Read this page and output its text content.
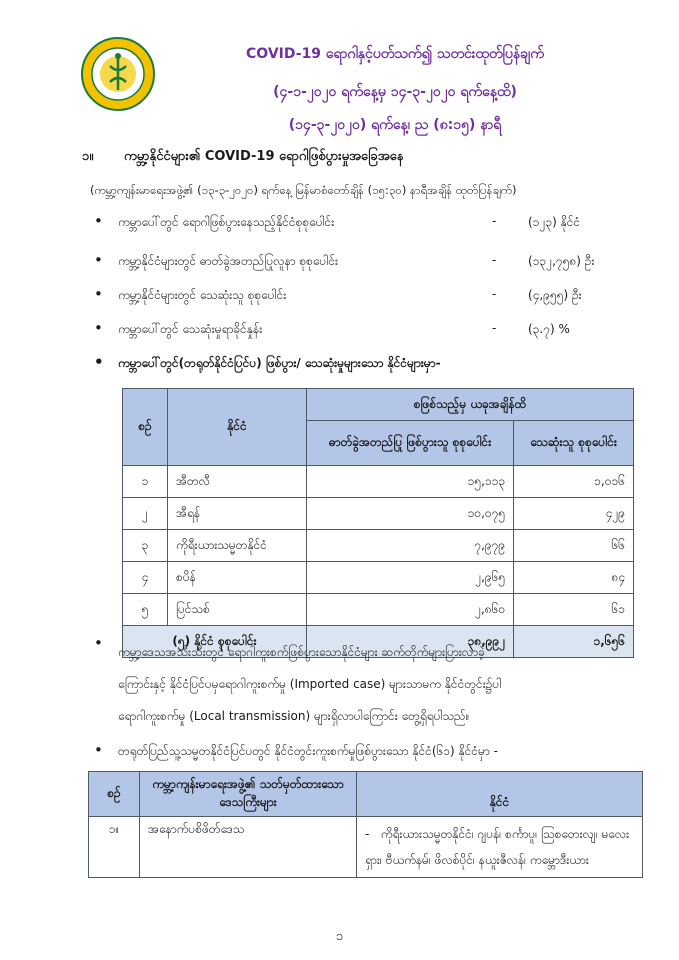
COVID-19 ရောဂါနှင့်ပတ်သက်၍ သတင်းထုတ်ပြန်ချက်
(၄-၁-၂၀၂၀ ရက်နေ့မှ ၁၄-၃-၂၀၂၀ ရက်နေ့ထိ)
(၁၄-၃-၂၀၂၀) ရက်နေ့၊ ည (၈:၁၅) နာရီ
၁။ ကမ္ဘာ့နိုင်ငံများ၏ COVID-19 ရောဂါဖြစ်ပွားမှုအခြေအနေ
(ကမ္ဘာ့ကျန်းမာရေးအဖွဲ့၏ (၁၃-၃-၂၀၂၀) ရက်နေ့ မြန်မာစံတော်ချိန် (၁၅:၃၀) နာရီအချိန် ထုတ်ပြန်ချက်)
• ကမ္ဘာပေါ်တွင် ရောဂါဖြစ်ပွားနေသည့်နိုင်ငံစုစုပေါင်း	-	(၁၂၃) နိုင်ငံ
• ကမ္ဘာ့နိုင်ငံများတွင် ဓာတ်ခွဲအတည်ပြုလူနာ စုစုပေါင်း	-	(၁၃၂,၇၅၈) ဦး
• ကမ္ဘာ့နိုင်ငံများတွင် သေဆုံးသူ စုစုပေါင်း	-	(၄,၉၅၅) ဦး
• ကမ္ဘာပေါ်တွင် သေဆုံးမှုရာခိုင်နှုန်း	-	(၃.၇) %
• ကမ္ဘာပေါ်တွင်(တရုတ်နိုင်ငံပြင်ပ) ဖြစ်ပွား/ သေဆုံးမှုများသော နိုင်ငံများမှာ-
စဉ်	နိုင်ငံ	စဖြစ်သည့်မှ ယခုအချိန်ထိ	
		ဓာတ်ခွဲအတည်ပြု ဖြစ်ပွားသူ စုစုပေါင်း	သေဆုံးသူ စုစုပေါင်း
၁	အီတလီ	၁၅,၁၁၃	၁,၀၁၆
၂	အီရန်	၁၀,၀၇၅	၄၂၉
၃	ကိုရီးယားသမ္မတနိုင်ငံ	၇,၉၇၉	၆၆
၄	စပိန်	၂,၉၆၅	၈၄
၅	ပြင်သစ်	၂,၈၆၀	၆၁
(၅) နိုင်ငံ စုစုပေါင်း		၃၈,၉၉၂	၁,၆၅၆
• ကမ္ဘာ့ဒေသအသီးသီးတွင် ရောဂါကူးစက်ဖြစ်ပွားသောနိုင်ငံများ ဆက်တိုက်များပြားလာခဲ့
ကြောင်းနှင့် နိုင်ငံပြင်ပမှရောဂါကူးစက်မှု (Imported case) များသာမက နိုင်ငံတွင်း၌ပါ
ရောဂါကူးစက်မှု (Local transmission) များရှိလာပါကြောင်း တွေ့ရှိရပါသည်။
• တရုတ်ပြည်သူ့သမ္မတနိုင်ငံပြင်ပတွင် နိုင်ငံတွင်းကူးစက်မှုဖြစ်ပွားသော နိုင်ငံ(၆၁) နိုင်ငံမှာ -
စဉ်	ကမ္ဘာ့ကျန်းမာရေးအဖွဲ့၏ သတ်မှတ်ထားသော ဒေသကြီးများ	နိုင်ငံ
၁။	အနောက်ပစိဖိတ်ဒေသ	- ကိုရီးယားသမ္မတနိုင်ငံ၊ ဂျပန်၊ စင်္ကာပူ၊ သြစတေးလျ၊ မလေးရှား၊ ဗီယက်နမ်၊ ဖိလစ်ပိုင်၊ နယူးဇီလန်၊ ကမ္ဘောဒီးယား
၁
